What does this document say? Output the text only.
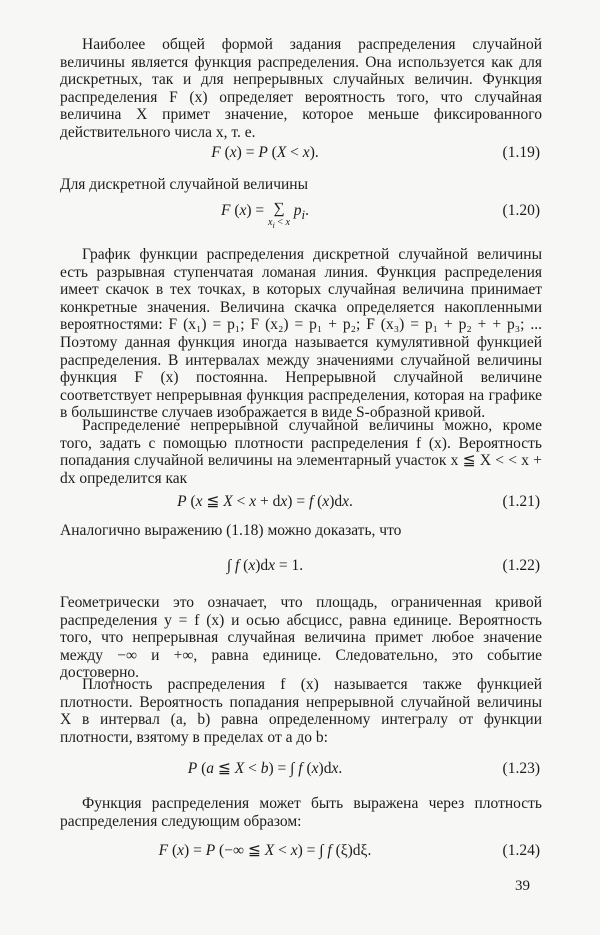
Наиболее общей формой задания распределения случайной величины является функция распределения. Она используется как для дискретных, так и для непрерывных случайных величин. Функция распределения F (x) определяет вероятность того, что случайная величина X примет значение, которое меньше фиксированного действительного числа x, т. е.

F (x) = P (X < x).	(1.19)

Для дискретной случайной величины

F (x) = ∑

$x_i < x$
$p_i$.	(1.20)

График функции распределения дискретной случайной величины есть разрывная ступенчатая ломаная линия. Функция распределения имеет скачок в тех точках, в которых случайная величина принимает конкретные значения. Величина скачка определяется накопленными вероятностями: F (x₁) = p₁; F (x₂) = p₁ + p₂; F (x₃) = p₁ + p₂ + + p₃; ... Поэтому данная функция иногда называется кумулятивной функцией распределения. В интервалах между значениями случайной величины функция F (x) постоянна. Непрерывной случайной величине соответствует непрерывная функция распределения, которая на графике в большинстве случаев изображается в виде S-образной кривой.

Распределение непрерывной случайной величины можно, кроме того, задать с помощью плотности распределения f (x). Вероятность попадания случайной величины на элементарный участок x ≦ X < < x + dx определится как

P (x ≦ X < x + dx) = f (x)dx.	(1.21)

Аналогично выражению (1.18) можно доказать, что

∫ f (x)dx = 1.	(1.22)

Геометрически это означает, что площадь, ограниченная кривой распределения y = f (x) и осью абсцисс, равна единице. Вероятность того, что непрерывная случайная величина примет любое значение между −∞ и +∞, равна единице. Следовательно, это событие достоверно.

Плотность распределения f (x) называется также функцией плотности. Вероятность попадания непрерывной случайной величины X в интервал (a, b) равна определенному интегралу от функции плотности, взятому в пределах от a до b:

P (a ≦ X < b) = ∫ f (x)dx.	(1.23)

Функция распределения может быть выражена через плотность распределения следующим образом:

F (x) = P (−∞ ≦ X < x) = ∫ f (ξ)dξ.	(1.24)
39
